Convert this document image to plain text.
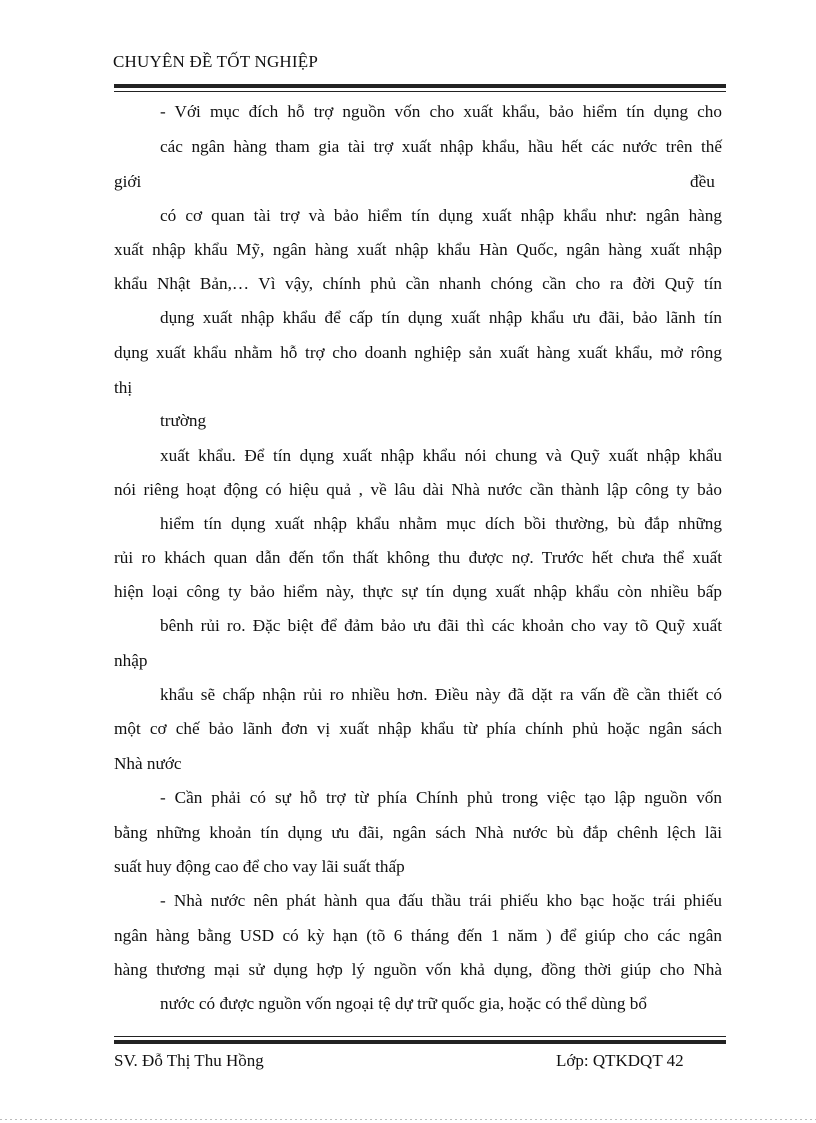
CHUYÊN ĐỀ TỐT NGHIỆP
- Với mục đích hỗ trợ nguồn vốn cho xuất khẩu, bảo hiểm tín dụng cho
các ngân hàng tham gia tài trợ xuất nhập khẩu, hầu hết các nước trên thế
giới	đều
có cơ quan tài trợ và bảo hiểm tín dụng xuất nhập khẩu như: ngân hàng
xuất nhập khẩu Mỹ, ngân hàng xuất nhập khẩu Hàn Quốc, ngân hàng xuất nhập
khẩu Nhật Bản,… Vì vậy, chính phủ cần nhanh chóng cần cho ra đời Quỹ tín
dụng xuất nhập khẩu để cấp tín dụng xuất nhập khẩu ưu đãi, bảo lãnh tín
dụng xuất khẩu nhằm hỗ trợ cho doanh nghiệp sản xuất hàng xuất khẩu, mở rông
thị
trường
xuất khẩu. Để tín dụng xuất nhập khẩu nói chung và Quỹ xuất nhập khẩu
nói riêng hoạt động có hiệu quả , về lâu dài Nhà nước cần thành lập công ty bảo
hiểm tín dụng xuất nhập khẩu nhằm mục dích bồi thường, bù đắp những
rủi ro khách quan dẫn đến tổn thất không thu được nợ. Trước hết chưa thể xuất
hiện loại công ty bảo hiểm này, thực sự tín dụng xuất nhập khẩu còn nhiều bấp
bênh rủi ro. Đặc biệt để đảm bảo ưu đãi thì các khoản cho vay tõ Quỹ xuất
nhập
khẩu sẽ chấp nhận rủi ro nhiều hơn. Điều này đã dặt ra vấn đề cần thiết có
một cơ chế bảo lãnh đơn vị xuất nhập khẩu từ phía chính phủ hoặc ngân sách
Nhà nước
- Cần phải có sự hỗ trợ từ phía Chính phủ trong việc tạo lập nguồn vốn
bằng những khoản tín dụng ưu đãi, ngân sách Nhà nước bù đắp chênh lệch lãi
suất huy động cao để cho vay lãi suất thấp
- Nhà nước nên phát hành qua đấu thầu trái phiếu kho bạc hoặc trái phiếu
ngân hàng bằng USD có kỳ hạn (tõ 6 tháng đến 1 năm ) để giúp cho các ngân
hàng thương mại sử dụng hợp lý nguồn vốn khả dụng, đồng thời giúp cho Nhà
nước có được nguồn vốn ngoại tệ dự trữ quốc gia, hoặc có thể dùng bổ
SV. Đỗ Thị Thu Hồng	Lớp: QTKDQT 42
